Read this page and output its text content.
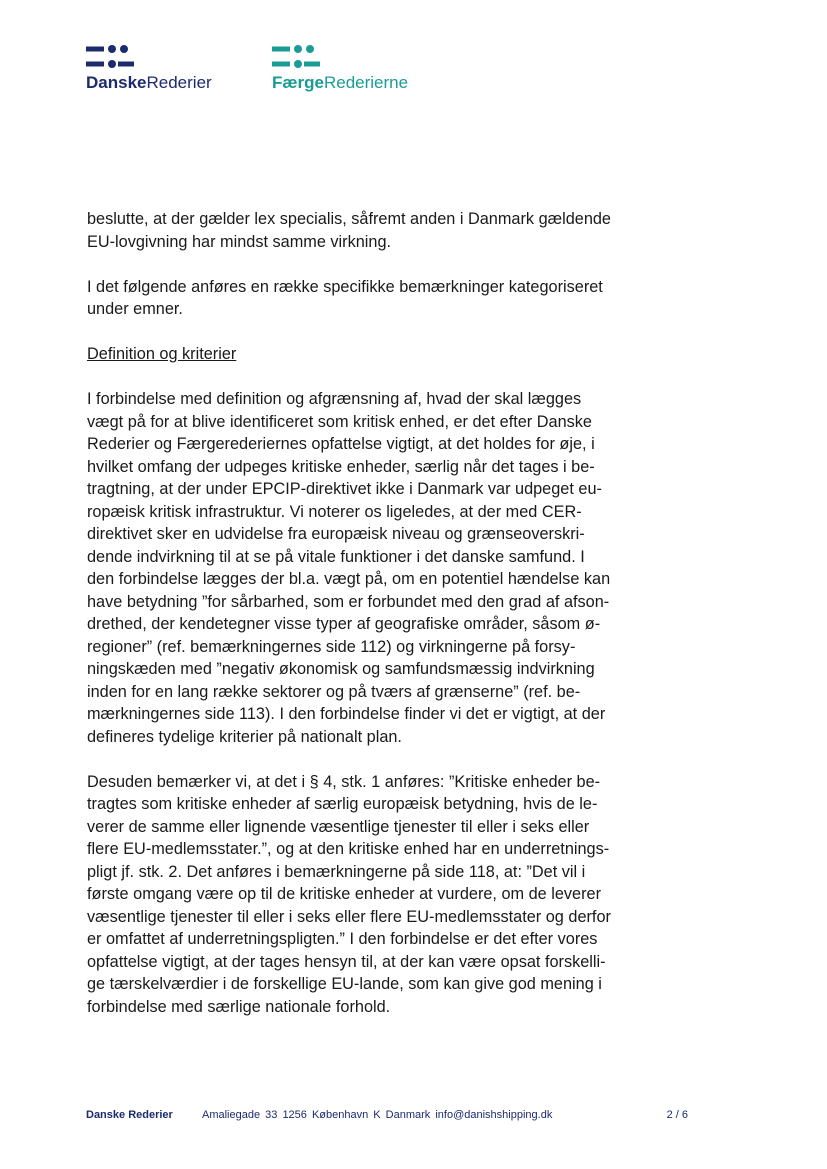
DanskeRederier	FærgeRederierne

beslutte, at der gælder lex specialis, såfremt anden i Danmark gældende
EU-lovgivning har mindst samme virkning.

I det følgende anføres en række specifikke bemærkninger kategoriseret
under emner.

Definition og kriterier

I forbindelse med definition og afgrænsning af, hvad der skal lægges
vægt på for at blive identificeret som kritisk enhed, er det efter Danske
Rederier og Færgerederiernes opfattelse vigtigt, at det holdes for øje, i
hvilket omfang der udpeges kritiske enheder, særlig når det tages i be-
tragtning, at der under EPCIP-direktivet ikke i Danmark var udpeget eu-
ropæisk kritisk infrastruktur. Vi noterer os ligeledes, at der med CER-
direktivet sker en udvidelse fra europæisk niveau og grænseoverskri-
dende indvirkning til at se på vitale funktioner i det danske samfund. I
den forbindelse lægges der bl.a. vægt på, om en potentiel hændelse kan
have betydning ”for sårbarhed, som er forbundet med den grad af afson-
drethed, der kendetegner visse typer af geografiske områder, såsom ø-
regioner” (ref. bemærkningernes side 112) og virkningerne på forsy-
ningskæden med ”negativ økonomisk og samfundsmæssig indvirkning
inden for en lang række sektorer og på tværs af grænserne” (ref. be-
mærkningernes side 113). I den forbindelse finder vi det er vigtigt, at der
defineres tydelige kriterier på nationalt plan.

Desuden bemærker vi, at det i § 4, stk. 1 anføres: ”Kritiske enheder be-
tragtes som kritiske enheder af særlig europæisk betydning, hvis de le-
verer de samme eller lignende væsentlige tjenester til eller i seks eller
flere EU-medlemsstater.”, og at den kritiske enhed har en underretnings-
pligt jf. stk. 2. Det anføres i bemærkningerne på side 118, at: ”Det vil i
første omgang være op til de kritiske enheder at vurdere, om de leverer
væsentlige tjenester til eller i seks eller flere EU-medlemsstater og derfor
er omfattet af underretningspligten.” I den forbindelse er det efter vores
opfattelse vigtigt, at der tages hensyn til, at der kan være opsat forskelli-
ge tærskelværdier i de forskellige EU-lande, som kan give god mening i
forbindelse med særlige nationale forhold.

Danske Rederier	Amaliegade 33 1256 København K Danmark info@danishshipping.dk	2 / 6
